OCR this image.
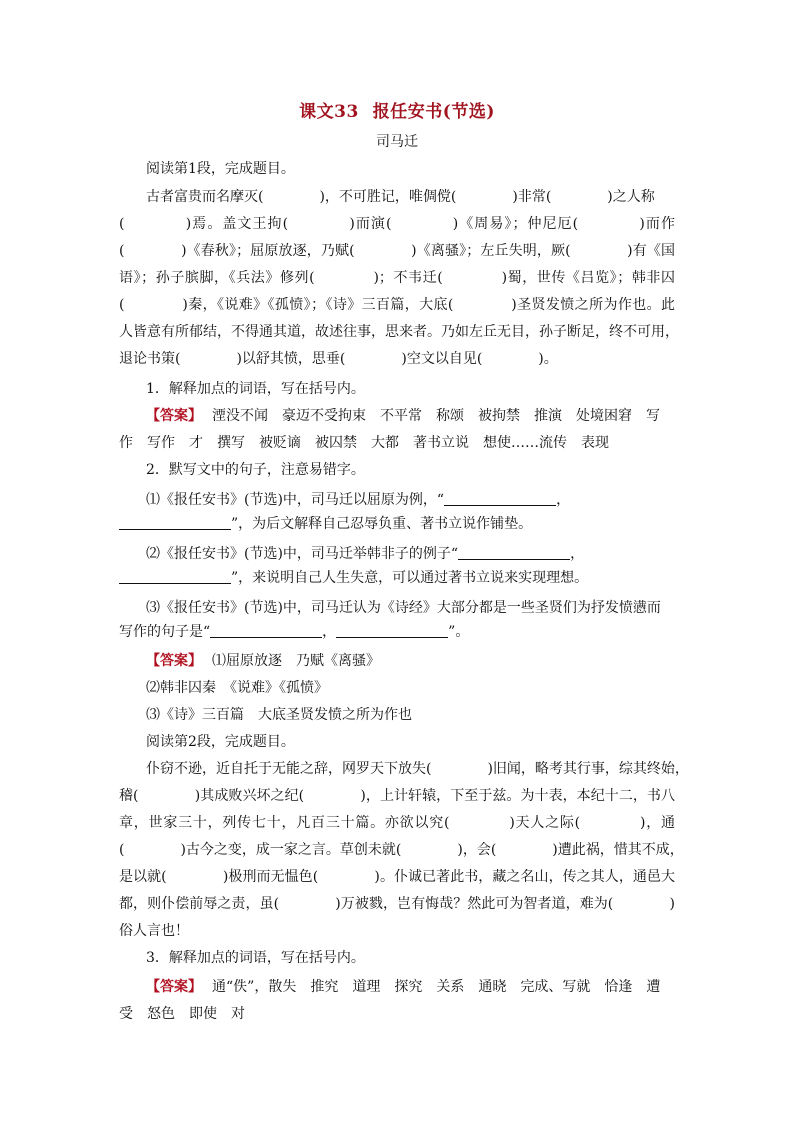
课文33 报任安书(节选)
司马迁
阅读第1段，完成题目。
古者富贵而名摩灭(　　　　)，不可胜记，唯倜傥(　　　　)非常(　　　　)之人称
(　　　　)焉。盖文王拘(　　　　)而演(　　　　)《周易》；仲尼厄(　　　　)而作
(　　　　)《春秋》；屈原放逐，乃赋(　　　　)《离骚》；左丘失明，厥(　　　　)有《国
语》；孙子膑脚，《兵法》修列(　　　　)；不韦迁(　　　　)蜀，世传《吕览》；韩非囚
(　　　　)秦，《说难》《孤愤》；《诗》三百篇，大底(　　　　)圣贤发愤之所为作也。此
人皆意有所郁结，不得通其道，故述往事，思来者。乃如左丘无目，孙子断足，终不可用，
退论书策(　　　　)以舒其愤，思垂(　　　　)空文以自见(　　　　)。
1．解释加点的词语，写在括号内。
【答案】 湮没不闻　豪迈不受拘束　不平常　称颂　被拘禁　推演　处境困窘　写
作　写作　才　撰写　被贬谪　被囚禁　大都　著书立说　想使……流传　表现
2．默写文中的句子，注意易错字。
⑴《报任安书》(节选)中，司马迁以屈原为例，“	，
”，为后文解释自己忍辱负重、著书立说作铺垫。
⑵《报任安书》(节选)中，司马迁举韩非子的例子“	，
”，来说明自己人生失意，可以通过著书立说来实现理想。
⑶《报任安书》(节选)中，司马迁认为《诗经》大部分都是一些圣贤们为抒发愤懑而
写作的句子是“	，	”。
【答案】 ⑴屈原放逐　乃赋《离骚》
⑵韩非囚秦　《说难》《孤愤》
⑶《诗》三百篇　大底圣贤发愤之所为作也
阅读第2段，完成题目。
仆窃不逊，近自托于无能之辞，网罗天下放失(　　　　)旧闻，略考其行事，综其终始，
稽(　　　　)其成败兴坏之纪(　　　　)，上计轩辕，下至于兹。为十表，本纪十二，书八
章，世家三十，列传七十，凡百三十篇。亦欲以究(　　　　)天人之际(　　　　)，通
(　　　　)古今之变，成一家之言。草创未就(　　　　)，会(　　　　)遭此祸，惜其不成，
是以就(　　　　)极刑而无愠色(　　　　)。仆诚已著此书，藏之名山，传之其人，通邑大
都，则仆偿前辱之责，虽(　　　　)万被戮，岂有悔哉？然此可为智者道，难为(　　　　)
俗人言也！
3．解释加点的词语，写在括号内。
【答案】 通“佚”，散失　推究　道理　探究　关系　通晓　完成、写就　恰逢　遭
受　怒色　即使　对
